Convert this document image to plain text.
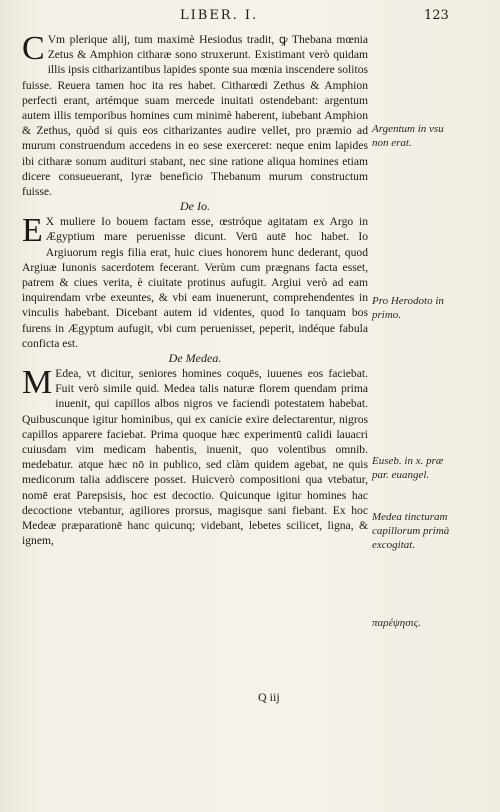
LIBER. I.	123

C Vm plerique alij, tum maximè Hesiodus tradit, ꝙ Thebana mœnia Zetus & Amphion citharæ sono struxerunt. Existimant verò quidam illis ipsis citharizantibus lapides sponte sua mœnia inscendere solitos fuisse. Reuera tamen hoc ita res habet. Citharœdi Zethus & Amphion perfecti erant, artémque suam mercede inuitati ostendebant: argentum autem illis temporibus homines cum minimè haberent, iubebant Amphion & Zethus, quòd si quis eos citharizantes audire vellet, pro præmio ad murum construendum accedens in eo sese exerceret: neque enim lapides ibi citharæ sonum audituri stabant, nec sine ratione aliqua homines etiam dicere consueuerant, lyræ beneficio Thebanum murum constructum fuisse.

De Io.

E X muliere Io bouem factam esse, œstróque agitatam ex Argo in Ægyptium mare peruenisse dicunt. Verū autē hoc habet. Io Argiuorum regis filia erat, huic ciues honorem hunc dederant, quod Argiuæ Iunonis sacerdotem fecerant. Verùm cum prægnans facta esset, patrem & ciues verita, è ciuitate protinus aufugit. Argiui verò ad eam inquirendam vrbe exeuntes, & vbi eam inuenerunt, comprehendentes in vinculis habebant. Dicebant autem id videntes, quod Io tanquam bos furens in Ægyptum aufugit, vbi cum peruenisset, peperit, indéque fabula conficta est.

De Medea.

M Edea, vt dicitur, seniores homines coquēs, iuuenes eos faciebat. Fuit verò simile quid. Medea talis naturæ florem quendam prima inuenit, qui capillos albos nigros ve faciendi potestatem habebat. Quibuscunque igitur hominibus, qui ex canicie exire delectarentur, nigros capillos apparere faciebat. Prima quoque hæc experimentū calidi lauacri cuiusdam vim medicam habentis, inuenit, quo volentibus omnib. medebatur. atque hæc nō in publico, sed clàm quidem agebat, ne quis medicorum talia addiscere posset. Huicverò compositioni qua vtebatur, nomē erat Parepsisis, hoc est decoctio. Quicunque igitur homines hac decoctione vtebantur, agiliores prorsus, magisque sani fiebant. Ex hoc Medeæ præparationē hanc quicunq; videbant, lebetes scilicet, ligna, & ignem,

Argentum in vsu non erat.
Pro Herodoto in primo.
Euseb. in x. præ par. euangel.
Medea tincturam capillorum primà excogitat.
παρέψησις.
Q iij
